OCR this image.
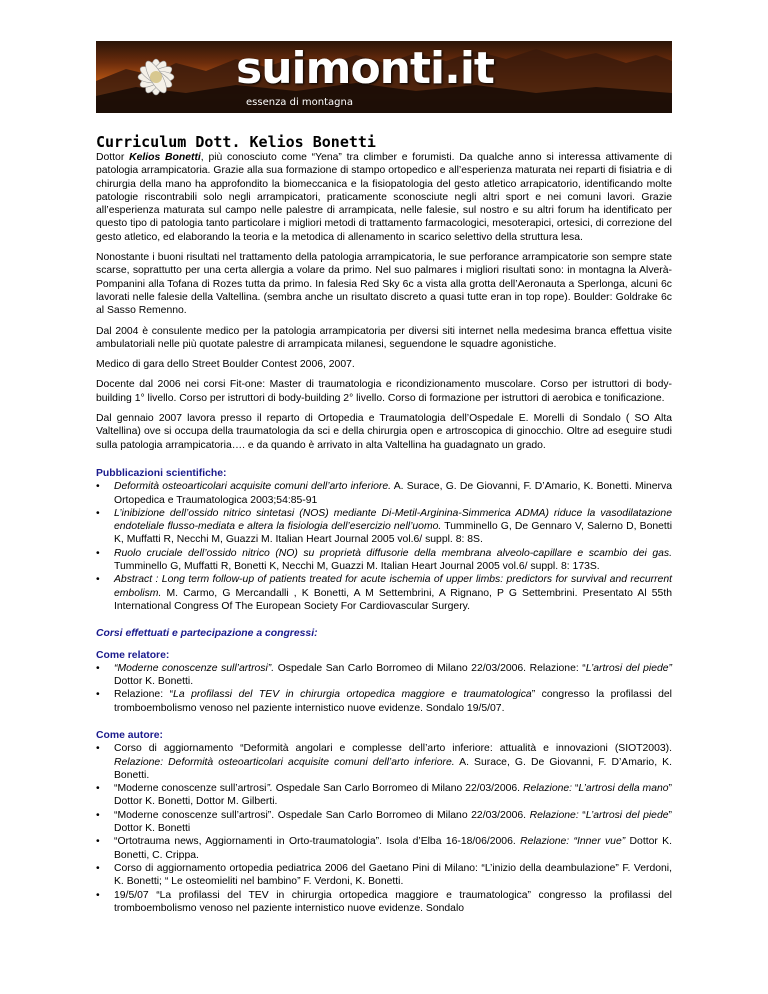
suimonti.it
essenza di montagna
Curriculum Dott. Kelios Bonetti

Dottor Kelios Bonetti, più conosciuto come “Yena” tra climber e forumisti. Da qualche anno si interessa attivamente di patologia arrampicatoria. Grazie alla sua formazione di stampo ortopedico e all’esperienza maturata nei reparti di fisiatria e di chirurgia della mano ha approfondito la biomeccanica e la fisiopatologia del gesto atletico arrapicatorio, identificando molte patologie riscontrabili solo negli arrampicatori, praticamente sconosciute negli altri sport e nei comuni lavori. Grazie all’esperienza maturata sul campo nelle palestre di arrampicata, nelle falesie, sul nostro e su altri forum ha identificato per questo tipo di patologia tanto particolare i migliori metodi di trattamento farmacologici, mesoterapici, ortesici, di correzione del gesto atletico, ed elaborando la teoria e la metodica di allenamento in scarico selettivo della struttura lesa.

Nonostante i buoni risultati nel trattamento della patologia arrampicatoria, le sue perforance arrampicatorie son sempre state scarse, soprattutto per una certa allergia a volare da primo. Nel suo palmares i migliori risultati sono: in montagna la Alverà-Pompanini alla Tofana di Rozes tutta da primo. In falesia Red Sky 6c a vista alla grotta dell’Aeronauta a Sperlonga, alcuni 6c lavorati nelle falesie della Valtellina. (sembra anche un risultato discreto a quasi tutte eran in top rope). Boulder: Goldrake 6c al Sasso Remenno.

Dal 2004 è consulente medico per la patologia arrampicatoria per diversi siti internet nella medesima branca effettua visite ambulatoriali nelle più quotate palestre di arrampicata milanesi, seguendone le squadre agonistiche.

Medico di gara dello Street Boulder Contest 2006, 2007.

Docente dal 2006 nei corsi Fit-one: Master di traumatologia e ricondizionamento muscolare. Corso per istruttori di body-building 1° livello. Corso per istruttori di body-building 2° livello. Corso di formazione per istruttori di aerobica e tonificazione.

Dal gennaio 2007 lavora presso il reparto di Ortopedia e Traumatologia dell’Ospedale E. Morelli di Sondalo ( SO Alta Valtellina) ove si occupa della traumatologia da sci e della chirurgia open e artroscopica di ginocchio. Oltre ad eseguire studi sulla patologia arrampicatoria…. e da quando è arrivato in alta Valtellina ha guadagnato un grado.

Pubblicazioni scientifiche:
• Deformità osteoarticolari acquisite comuni dell’arto inferiore. A. Surace, G. De Giovanni, F. D’Amario, K. Bonetti. Minerva Ortopedica e Traumatologica 2003;54:85-91
• L’inibizione dell’ossido nitrico sintetasi (NOS) mediante Di-Metil-Arginina-Simmerica ADMA) riduce la vasodilatazione endoteliale flusso-mediata e altera la fisiologia dell’esercizio nell’uomo. Tumminello G, De Gennaro V, Salerno D, Bonetti K, Muffatti R, Necchi M, Guazzi M. Italian Heart Journal 2005 vol.6/ suppl. 8: 8S.
• Ruolo cruciale dell’ossido nitrico (NO) su proprietà diffusorie della membrana alveolo-capillare e scambio dei gas. Tumminello G, Muffatti R, Bonetti K, Necchi M, Guazzi M. Italian Heart Journal 2005 vol.6/ suppl. 8: 173S.
• Abstract : Long term follow-up of patients treated for acute ischemia of upper limbs: predictors for survival and recurrent embolism. M. Carmo, G Mercandalli , K Bonetti, A M Settembrini, A Rignano, P G Settembrini. Presentato Al 55th International Congress Of The European Society For Cardiovascular Surgery.
Corsi effettuati e partecipazione a congressi:
Come relatore:
• “Moderne conoscenze sull’artrosi”. Ospedale San Carlo Borromeo di Milano 22/03/2006. Relazione: “L’artrosi del piede” Dottor K. Bonetti.
• Relazione: “La profilassi del TEV in chirurgia ortopedica maggiore e traumatologica” congresso la profilassi del tromboembolismo venoso nel paziente internistico nuove evidenze. Sondalo 19/5/07.
Come autore:
• Corso di aggiornamento “Deformità angolari e complesse dell’arto inferiore: attualità e innovazioni (SIOT2003). Relazione: Deformità osteoarticolari acquisite comuni dell’arto inferiore. A. Surace, G. De Giovanni, F. D’Amario, K. Bonetti.
• “Moderne conoscenze sull’artrosi”. Ospedale San Carlo Borromeo di Milano 22/03/2006. Relazione: “L’artrosi della mano” Dottor K. Bonetti, Dottor M. Gilberti.
• “Moderne conoscenze sull’artrosi”. Ospedale San Carlo Borromeo di Milano 22/03/2006. Relazione: “L’artrosi del piede” Dottor K. Bonetti
• “Ortotrauma news, Aggiornamenti in Orto-traumatologia”. Isola d’Elba 16-18/06/2006. Relazione: “Inner vue” Dottor K. Bonetti, C. Crippa.
• Corso di aggiornamento ortopedia pediatrica 2006 del Gaetano Pini di Milano: “L’inizio della deambulazione” F. Verdoni, K. Bonetti; “ Le osteomieliti nel bambino” F. Verdoni, K. Bonetti.
• 19/5/07 “La profilassi del TEV in chirurgia ortopedica maggiore e traumatologica” congresso la profilassi del tromboembolismo venoso nel paziente internistico nuove evidenze. Sondalo
